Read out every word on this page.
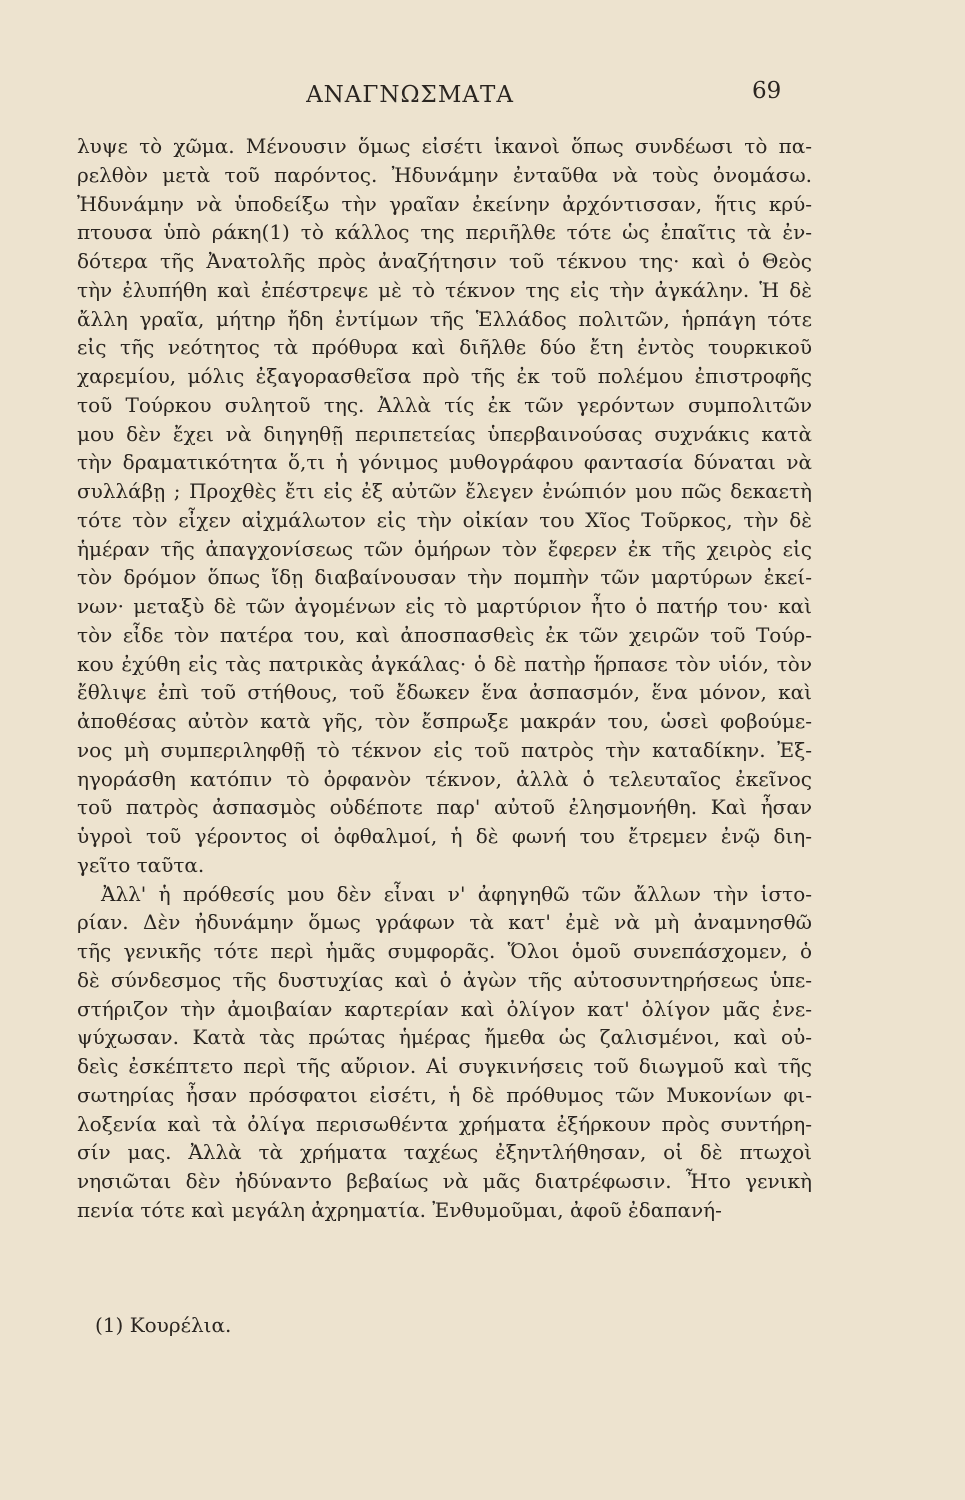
ΑΝΑΓΝΩΣΜΑΤΑ	69
λυψε τὸ χῶμα. Μένουσιν ὅμως εἰσέτι ἱκανοὶ ὅπως συνδέωσι τὸ πα-
ρελθὸν μετὰ τοῦ παρόντος. Ἠδυνάμην ἐνταῦθα νὰ τοὺς ὀνομάσω.
Ἠδυνάμην νὰ ὑποδείξω τὴν γραῖαν ἐκείνην ἀρχόντισσαν, ἥτις κρύ-
πτουσα ὑπὸ ράκη(1) τὸ κάλλος της περιῆλθε τότε ὡς ἐπαῖτις τὰ ἐν-
δότερα τῆς Ἀνατολῆς πρὸς ἀναζήτησιν τοῦ τέκνου της· καὶ ὁ Θεὸς
τὴν ἐλυπήθη καὶ ἐπέστρεψε μὲ τὸ τέκνον της εἰς τὴν ἀγκάλην. Ἡ δὲ
ἄλλη γραῖα, μήτηρ ἤδη ἐντίμων τῆς Ἑλλάδος πολιτῶν, ἡρπάγη τότε
εἰς τῆς νεότητος τὰ πρόθυρα καὶ διῆλθε δύο ἔτη ἐντὸς τουρκικοῦ
χαρεμίου, μόλις ἐξαγορασθεῖσα πρὸ τῆς ἐκ τοῦ πολέμου ἐπιστροφῆς
τοῦ Τούρκου συλητοῦ της. Ἀλλὰ τίς ἐκ τῶν γερόντων συμπολιτῶν
μου δὲν ἔχει νὰ διηγηθῇ περιπετείας ὑπερβαινούσας συχνάκις κατὰ
τὴν δραματικότητα ὅ,τι ἡ γόνιμος μυθογράφου φαντασία δύναται νὰ
συλλάβῃ ; Προχθὲς ἔτι εἰς ἐξ αὐτῶν ἔλεγεν ἐνώπιόν μου πῶς δεκαετὴ
τότε τὸν εἶχεν αἰχμάλωτον εἰς τὴν οἰκίαν του Χῖος Τοῦρκος, τὴν δὲ
ἡμέραν τῆς ἀπαγχονίσεως τῶν ὁμήρων τὸν ἔφερεν ἐκ τῆς χειρὸς εἰς
τὸν δρόμον ὅπως ἴδῃ διαβαίνουσαν τὴν πομπὴν τῶν μαρτύρων ἐκεί-
νων· μεταξὺ δὲ τῶν ἀγομένων εἰς τὸ μαρτύριον ἦτο ὁ πατήρ του· καὶ
τὸν εἶδε τὸν πατέρα του, καὶ ἀποσπασθεὶς ἐκ τῶν χειρῶν τοῦ Τούρ-
κου ἐχύθη εἰς τὰς πατρικὰς ἀγκάλας· ὁ δὲ πατὴρ ἥρπασε τὸν υἱόν, τὸν
ἔθλιψε ἐπὶ τοῦ στήθους, τοῦ ἔδωκεν ἕνα ἀσπασμόν, ἕνα μόνον, καὶ
ἀποθέσας αὐτὸν κατὰ γῆς, τὸν ἔσπρωξε μακράν του, ὡσεὶ φοβούμε-
νος μὴ συμπεριληφθῇ τὸ τέκνον εἰς τοῦ πατρὸς τὴν καταδίκην. Ἐξ-
ηγοράσθη κατόπιν τὸ ὀρφανὸν τέκνον, ἀλλὰ ὁ τελευταῖος ἐκεῖνος
τοῦ πατρὸς ἀσπασμὸς οὐδέποτε παρ' αὐτοῦ ἐλησμονήθη. Καὶ ἦσαν
ὑγροὶ τοῦ γέροντος οἱ ὀφθαλμοί, ἡ δὲ φωνή του ἔτρεμεν ἐνῷ διη-
γεῖτο ταῦτα.
Ἀλλ' ἡ πρόθεσίς μου δὲν εἶναι ν' ἀφηγηθῶ τῶν ἄλλων τὴν ἱστο-
ρίαν. Δὲν ἠδυνάμην ὅμως γράφων τὰ κατ' ἐμὲ νὰ μὴ ἀναμνησθῶ
τῆς γενικῆς τότε περὶ ἡμᾶς συμφορᾶς. Ὅλοι ὁμοῦ συνεπάσχομεν, ὁ
δὲ σύνδεσμος τῆς δυστυχίας καὶ ὁ ἀγὼν τῆς αὐτοσυντηρήσεως ὑπε-
στήριζον τὴν ἀμοιβαίαν καρτερίαν καὶ ὀλίγον κατ' ὀλίγον μᾶς ἐνε-
ψύχωσαν. Κατὰ τὰς πρώτας ἡμέρας ἤμεθα ὡς ζαλισμένοι, καὶ οὐ-
δεὶς ἐσκέπτετο περὶ τῆς αὔριον. Αἱ συγκινήσεις τοῦ διωγμοῦ καὶ τῆς
σωτηρίας ἦσαν πρόσφατοι εἰσέτι, ἡ δὲ πρόθυμος τῶν Μυκονίων φι-
λοξενία καὶ τὰ ὀλίγα περισωθέντα χρήματα ἐξήρκουν πρὸς συντήρη-
σίν μας. Ἀλλὰ τὰ χρήματα ταχέως ἐξηντλήθησαν, οἱ δὲ πτωχοὶ
νησιῶται δὲν ἠδύναντο βεβαίως νὰ μᾶς διατρέφωσιν. Ἦτο γενικὴ
πενία τότε καὶ μεγάλη ἀχρηματία. Ἐνθυμοῦμαι, ἀφοῦ ἐδαπανή-
(1) Κουρέλια.
